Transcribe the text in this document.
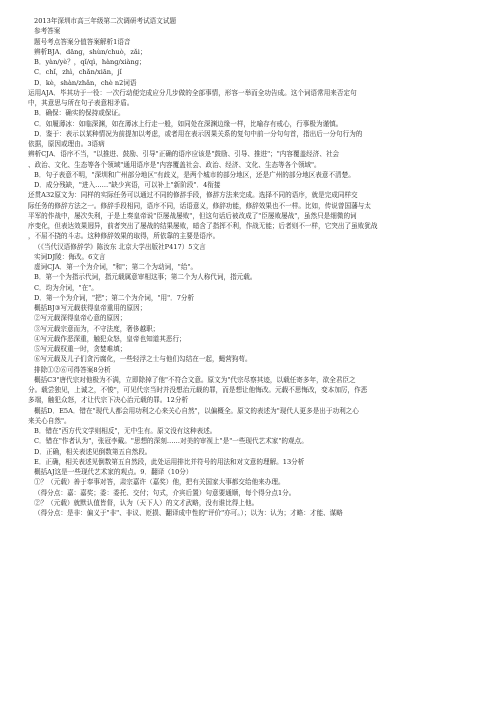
2013年深圳市高三年级第二次调研考试语文试题
参考答案
题号考点答案分值答案解析1语音
辨析BJA．dānɡ，shùn/chuò，zǎi；
B．yàn/yè？，qǐ/qì，hànɡ/xiànɡ；
C．chǐ，zhì，chǎn/xiān，jǐ
D．kè，shàn/zhǎn，chè n2词语
运用AJA．毕其功于一役：一次行动便完成应分几步做的全部事情，形容一举而全功告成。这个词语常用来否定句
中，其意思与所在句子表意相矛盾。
B．确保：确实的保持或保证。
C．如履薄冰：如临深渊，如在薄冰上行走一般，如同处在深渊边缘一样，比喻存有戒心，行事极为谨慎。
D．鉴于：表示以某种情况为前提加以考虑，或者用在表示因果关系的复句中前一分句句首，指出后一分句行为的
依据，原因或理由。3语病
辨析CJA．语序不当，"以推进、鼓励、引导"正确的语序应该是"鼓励、引导、推进"；"内容覆盖经济、社会
、政治、文化、生态等各个领域"通用语序是"内容覆盖社会、政治、经济、文化、生态等各个领域"。
B．句子表意不明，"深圳和广州部分地区"有歧义，是两个城市的部分地区，还是广州的部分地区表意不清楚。
D．成分残缺，"进入……"缺少宾语，可以补上"新阶段"．4衔接
还贯A32原文为：同样的实际任务可以通过不同的修辞手段，修辞方法来完成。选择不同的语序，就是完成同样交
际任务的修辞方法之一。修辞手段相同，语序不同，话语意义，修辞功能，修辞效果也不一样。比如，传说曾国藩与太
平军的作战中，屡次失利，于是上奏皇帝说"臣屡战屡败"，但这句话后被改成了"臣屡败屡战"，虽然只是细微的词
序变化，但表达效果迥异，前者突出了屡战的结果屡败，暗含了指挥不利，作战无能；后者则不一样，它突出了虽败犹战
，不屈不挠的斗志。这种修辞效果的取得，所依靠的主要是语序。
（《当代汉语修辞学》陈汝东 北京大学出版社P417）5文言
实词DJ陵：侮改。6文言
虚词CJA．第一个为介词，"和"；第二个为动词，"给"。
B．第一个为指示代词，指元载属意审相这事；第二个为人称代词，指元载。
C．均为介词，"在"。
D．第一个为介词，"把"；第二个为介词，"用"．7分析
概括BJ③写元载获得皇帝重用的原因；
②写元载深得皇帝心意的原因；
③写元载宗意而为，不守法度，奢侈越职；
④写元载作恶深重，触犯众怒，皇帝也知道其恶行；
⑤写元载权重一时，贪婪难填；
⑥写元载及儿子们贪污腐化，一些轻浮之士与他们勾结在一起，蝇营狗苟。
排除①②⑥可得答案8分析
概括C3"唐代宗对他极为不满，立即除掉了他"不符合文意。原文为"代宗尽察其迹，以载任寄多年，欲全君臣之
分。载尝独见，上诚之，不悛"，可见代宗当时并没想治元载的罪，而是想让他悔改。元载不思悔改，变本加厉，作恶
多端，触犯众怒，才让代宗下决心治元载的罪。12分析
概括D．E5A．错在"现代人都会用功利之心来关心自然"，以偏概全。原文的表述为"现代人更多是出于功利之心
来关心自然"。
B．错在"西方代文学则相反"，无中生有。原文没有这种表述。
C．错在"作者认为"，张冠李戴。"思想的深刻……对美的审视上"是"一些现代艺术家"的观点。
D．正确，相关表述见倒数第五自然段。
E．正确，相关表述见倒数第五自然段，此处运用排比并符号的用法和对文意的理解。13分析
概括AJ这是一些现代艺术家的观点。9．翻译（10分）
①？（元载）善于奉事对答，肃宗嘉许（嘉奖）他，把有关国家大事都交给他来办理。
（得分点：嘉：嘉奖；委：委托、交付；句式，介宾后置）句意要通顺，每个得分点1分。
②？（元载）就默认值皆督，认为（天下人）的文才武略，没有谁比得上他。
（得分点：是非：偏义于"非"、非议、贬损、翻译成中性的"评价"亦可。）；以为：认为；才略：才能、谋略
